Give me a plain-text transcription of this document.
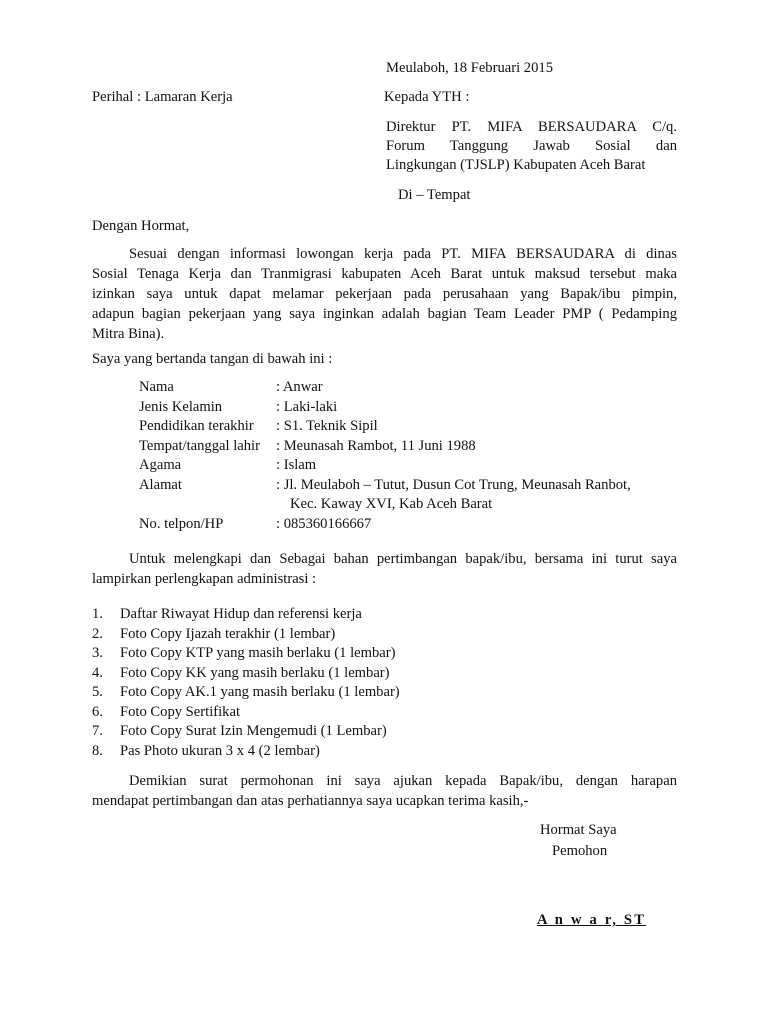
Meulaboh, 18 Februari 2015
Perihal : Lamaran Kerja	Kepada YTH :
Direktur PT. MIFA BERSAUDARA C/q.
Forum Tanggung Jawab Sosial dan
Lingkungan (TJSLP) Kabupaten Aceh Barat
Di – Tempat
Dengan Hormat,
Sesuai dengan informasi lowongan kerja pada PT. MIFA BERSAUDARA di dinas
Sosial Tenaga Kerja dan Tranmigrasi kabupaten Aceh Barat untuk maksud tersebut maka
izinkan saya untuk dapat melamar pekerjaan pada perusahaan yang Bapak/ibu pimpin,
adapun bagian pekerjaan yang saya inginkan adalah bagian Team Leader PMP ( Pedamping
Mitra Bina).
Saya yang bertanda tangan di bawah ini :
Nama	: Anwar
Jenis Kelamin	: Laki-laki
Pendidikan terakhir	: S1. Teknik Sipil
Tempat/tanggal lahir	: Meunasah Rambot, 11 Juni 1988
Agama	: Islam
Alamat	: Jl. Meulaboh – Tutut, Dusun Cot Trung, Meunasah Ranbot,
Kec. Kaway XVI, Kab Aceh Barat
No. telpon/HP	: 085360166667
Untuk melengkapi dan Sebagai bahan pertimbangan bapak/ibu, bersama ini turut saya
lampirkan perlengkapan administrasi :
1.	Daftar Riwayat Hidup dan referensi kerja
2.	Foto Copy Ijazah terakhir (1 lembar)
3.	Foto Copy KTP yang masih berlaku (1 lembar)
4.	Foto Copy KK yang masih berlaku (1 lembar)
5.	Foto Copy AK.1 yang masih berlaku (1 lembar)
6.	Foto Copy Sertifikat
7.	Foto Copy Surat Izin Mengemudi (1 Lembar)
8.	Pas Photo ukuran 3 x 4 (2 lembar)
Demikian surat permohonan ini saya ajukan kepada Bapak/ibu, dengan harapan
mendapat pertimbangan dan atas perhatiannya saya ucapkan terima kasih,-
Hormat Saya
Pemohon
A n w a r, ST
